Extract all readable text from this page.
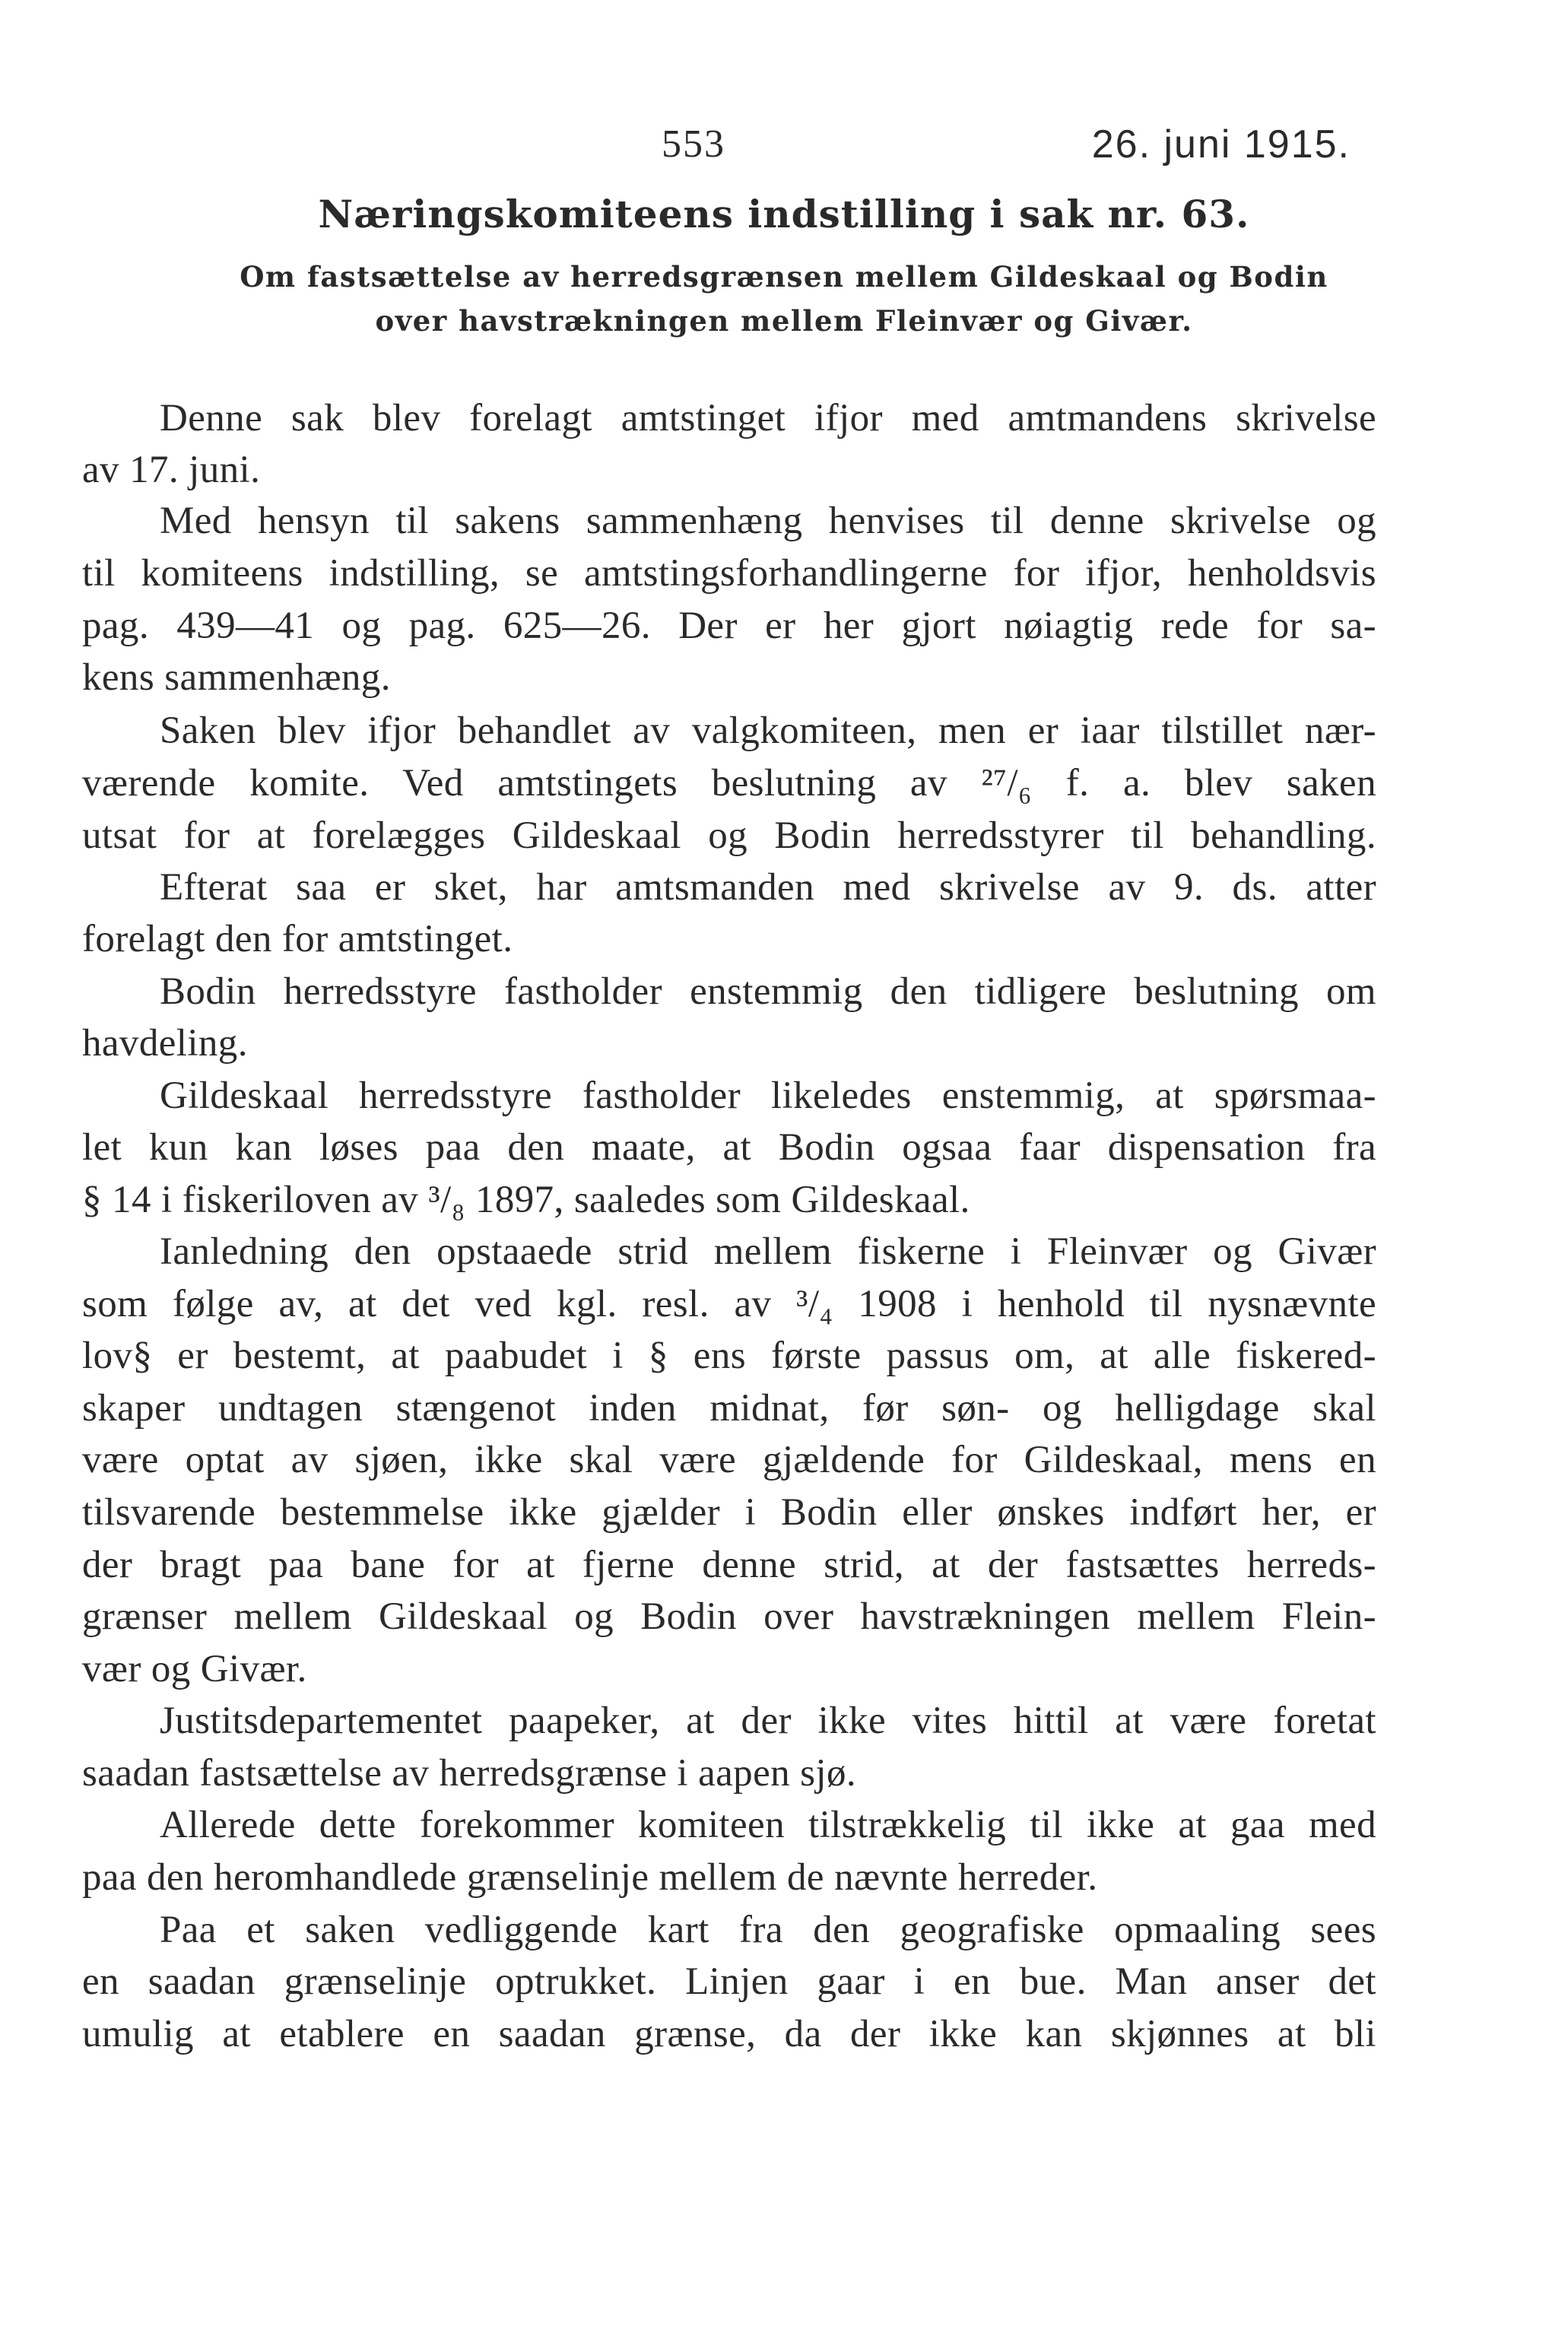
553	26. juni 1915.
Næringskomiteens indstilling i sak nr. 63.
Om fastsættelse av herredsgrænsen mellem Gildeskaal og Bodin
over havstrækningen mellem Fleinvær og Givær.
Denne sak blev forelagt amtstinget ifjor med amtmandens skrivelse
av 17. juni.
Med hensyn til sakens sammenhæng henvises til denne skrivelse og
til komiteens indstilling, se amtstingsforhandlingerne for ifjor, henholdsvis
pag. 439—41 og pag. 625—26. Der er her gjort nøiagtig rede for sa-
kens sammenhæng.
Saken blev ifjor behandlet av valgkomiteen, men er iaar tilstillet nær-
værende komite. Ved amtstingets beslutning av ²⁷/₆ f. a. blev saken
utsat for at forelægges Gildeskaal og Bodin herredsstyrer til behandling.
Efterat saa er sket, har amtsmanden med skrivelse av 9. ds. atter
forelagt den for amtstinget.
Bodin herredsstyre fastholder enstemmig den tidligere beslutning om
havdeling.
Gildeskaal herredsstyre fastholder likeledes enstemmig, at spørsmaa-
let kun kan løses paa den maate, at Bodin ogsaa faar dispensation fra
§ 14 i fiskeriloven av ³/₈ 1897, saaledes som Gildeskaal.
Ianledning den opstaaede strid mellem fiskerne i Fleinvær og Givær
som følge av, at det ved kgl. resl. av ³/₄ 1908 i henhold til nysnævnte
lov§ er bestemt, at paabudet i § ens første passus om, at alle fiskered-
skaper undtagen stængenot inden midnat, før søn- og helligdage skal
være optat av sjøen, ikke skal være gjældende for Gildeskaal, mens en
tilsvarende bestemmelse ikke gjælder i Bodin eller ønskes indført her, er
der bragt paa bane for at fjerne denne strid, at der fastsættes herreds-
grænser mellem Gildeskaal og Bodin over havstrækningen mellem Flein-
vær og Givær.
Justitsdepartementet paapeker, at der ikke vites hittil at være foretat
saadan fastsættelse av herredsgrænse i aapen sjø.
Allerede dette forekommer komiteen tilstrækkelig til ikke at gaa med
paa den heromhandlede grænselinje mellem de nævnte herreder.
Paa et saken vedliggende kart fra den geografiske opmaaling sees
en saadan grænselinje optrukket. Linjen gaar i en bue. Man anser det
umulig at etablere en saadan grænse, da der ikke kan skjønnes at bli
